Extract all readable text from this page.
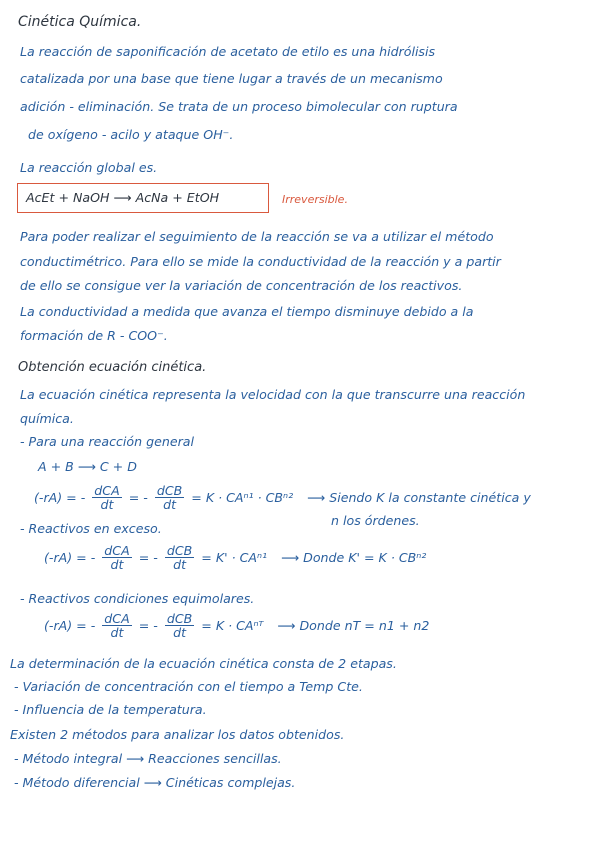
Cinética Química.
La reacción de saponificación de acetato de etilo es una hidrólisis
catalizada por una base que tiene lugar a través de un mecanismo
adición - eliminación. Se trata de un proceso bimolecular con ruptura
de oxígeno - acilo y ataque OH⁻.
La reacción global es.
AcEt + NaOH ⟶ AcNa + EtOH	Irreversible.
Para poder realizar el seguimiento de la reacción se va a utilizar el método
conductimétrico. Para ello se mide la conductividad de la reacción y a partir
de ello se consigue ver la variación de concentración de los reactivos.
La conductividad a medida que avanza el tiempo disminuye debido a la
formación de R - COO⁻.
Obtención ecuación cinética.
La ecuación cinética representa la velocidad con la que transcurre una reacción
química.
- Para una reacción general
A + B ⟶ C + D
(-rA) = - $\frac{\text{dCA}}{dt}$ = - $\frac{\text{dCB}}{dt} = K \cdot CA^{n1} \cdot CB^{n2}$ ⟶ Siendo K la constante cinética y
n los órdenes.
- Reactivos en exceso.
(-rA) = - $\frac{\text{dCA}}{dt}$ = - $\frac{\text{dCB}}{dt} = K' \cdot CA^{n1}$ ⟶ Donde K' = K · CBⁿ²
- Reactivos condiciones equimolares.
(-rA) = - $\frac{\text{dCA}}{dt}$ = - $\frac{\text{dCB}}{dt} = K$ · CAⁿᵀ ⟶ Donde nT = n1 + n2
La determinación de la ecuación cinética consta de 2 etapas.
- Variación de concentración con el tiempo a Temp Cte.
- Influencia de la temperatura.
Existen 2 métodos para analizar los datos obtenidos.
- Método integral ⟶ Reacciones sencillas.
- Método diferencial ⟶ Cinéticas complejas.
